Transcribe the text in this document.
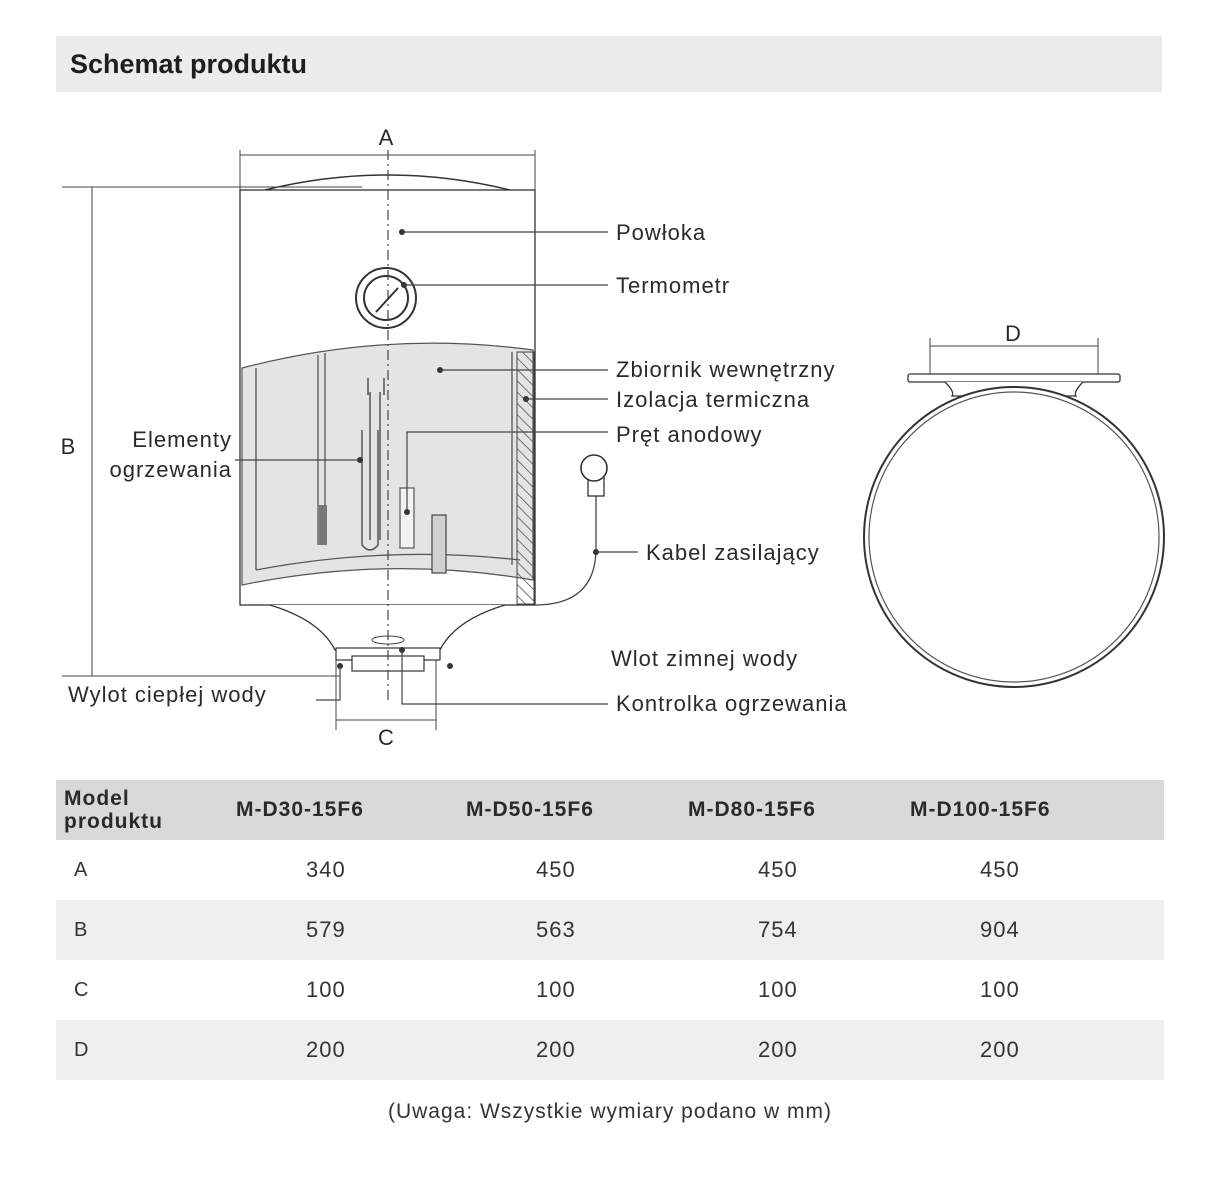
Schemat produktu
A
B
C
Powłoka
Termometr
Zbiornik wewnętrzny
Izolacja termiczna
Pręt anodowy
Elementy
ogrzewania
Kabel zasilający
Wlot zimnej wody
Wylot ciepłej wody	Kontrolka ogrzewania
D
Model produktu	M-D30-15F6	M-D50-15F6	M-D80-15F6	M-D100-15F6
A	340	450	450	450
B	579	563	754	904
C	100	100	100	100
D	200	200	200	200
(Uwaga: Wszystkie wymiary podano w mm)
